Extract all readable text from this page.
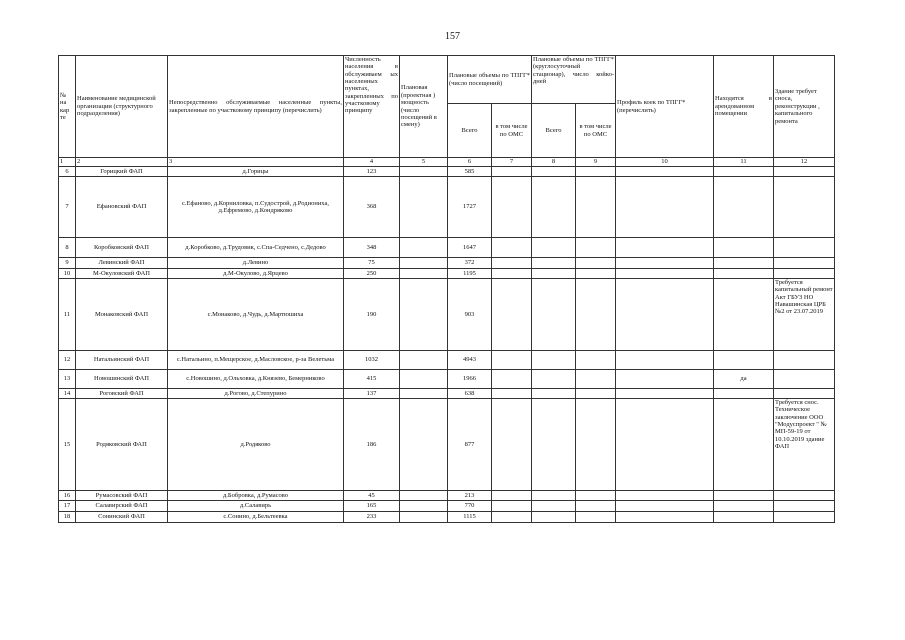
157
№ на кар те	Наименование медицинской организации (структурного подразделения)	Непосредственно обслуживаемые населенные пункты, закрепленные по участковому принципу (перечислить)	Численность населения в обслуживаем ых населенных пунктах, закрепленных по участковому принципу	Плановая (проектная ) мощность (число посещений в смену)	Плановые объемы по ТПГГ* (число посещений)		Плановые объемы по ТПГГ* (круглосуточный стационар), число койко-дней		Профиль коек по ТПГГ* (перечислить)	Находятся в арендованном помещении	Здание требует сноса, реконструкции , капитального ремонта
					Всего	в том числе по ОМС	Всего	в том числе по ОМС			
1	2	3	4	5	6	7	8	9	10	11	12
6	Горицкий ФАП	д.Горицы	123		585						
7	Ефановский ФАП	с.Ефаново, д.Корниловка, п.Судострой, д.Родиониха, д.Ефремово, д.Кондряково	368		1727						
8	Коробковский ФАП	д.Коробково, д.Трудовик, с.Спа-Седчено, с.Дедово	348		1647						
9	Левинский ФАП	д.Левино	75		372						
10	М-Окуловский ФАП	д.М-Окулово, д.Ярцево	250		1195						
11	Монаковский ФАП	с.Монаково, д.Чудь, д.Мартюшиха	190		903						Требуется капитальный ремонт Акт ГБУЗ НО Навашинская ЦРБ №2 от 23.07.2019
12	Натальинский ФАП	с.Натальино, п.Мещерское, д.Масловское, р-за Велетьма	1032		4943						
13	Новошинский ФАП	с.Новошино, д.Ольховка, д.Князево, Бемерниково	415		1966					да	
14	Роговский ФАП	д.Рогово, д.Степурино	137		638						
15	Родяковский ФАП	д.Родяково	186		877						Требуется снос. Техническое заключение ООО "Модуспроект " № МП-59-19 от 10.10.2019 здание ФАП
16	Румасовский ФАП	д.Бобровка, д.Румасово	45		213						
17	Салавирский ФАП	д.Салавирь	165		770						
18	Сонинский ФАП	с.Сонино, д.Бельтеевка	233		1115						
